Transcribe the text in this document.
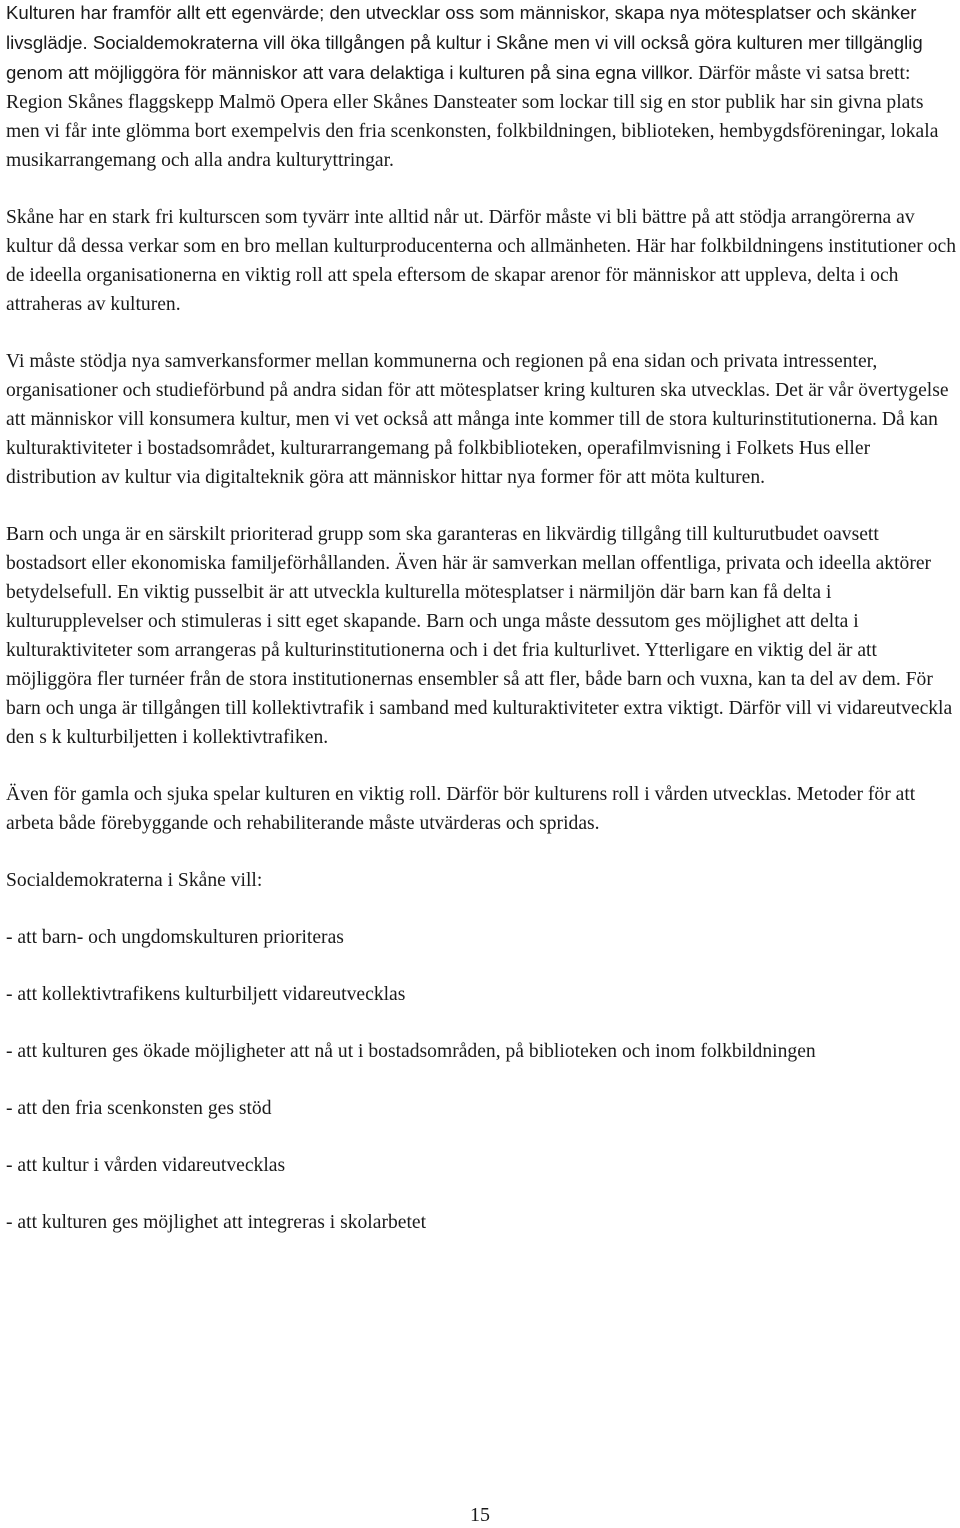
Kulturen har framför allt ett egenvärde; den utvecklar oss som människor, skapa nya mötesplatser och skänker livsglädje. Socialdemokraterna vill öka tillgången på kultur i Skåne men vi vill också göra kulturen mer tillgänglig genom att möjliggöra för människor att vara delaktiga i kulturen på sina egna villkor. Därför måste vi satsa brett: Region Skånes flaggskepp Malmö Opera eller Skånes Dansteater som lockar till sig en stor publik har sin givna plats men vi får inte glömma bort exempelvis den fria scenkonsten, folkbildningen, biblioteken, hembygdsföreningar, lokala musikarrangemang och alla andra kulturyttringar.

Skåne har en stark fri kulturscen som tyvärr inte alltid når ut. Därför måste vi bli bättre på att stödja arrangörerna av kultur då dessa verkar som en bro mellan kulturproducenterna och allmänheten. Här har folkbildningens institutioner och de ideella organisationerna en viktig roll att spela eftersom de skapar arenor för människor att uppleva, delta i och attraheras av kulturen.

Vi måste stödja nya samverkansformer mellan kommunerna och regionen på ena sidan och privata intressenter, organisationer och studieförbund på andra sidan för att mötesplatser kring kulturen ska utvecklas. Det är vår övertygelse att människor vill konsumera kultur, men vi vet också att många inte kommer till de stora kulturinstitutionerna. Då kan kulturaktiviteter i bostadsområdet, kulturarrangemang på folkbiblioteken, operafilmvisning i Folkets Hus eller distribution av kultur via digitalteknik göra att människor hittar nya former för att möta kulturen.

Barn och unga är en särskilt prioriterad grupp som ska garanteras en likvärdig tillgång till kulturutbudet oavsett bostadsort eller ekonomiska familjeförhållanden. Även här är samverkan mellan offentliga, privata och ideella aktörer betydelsefull. En viktig pusselbit är att utveckla kulturella mötesplatser i närmiljön där barn kan få delta i kulturupplevelser och stimuleras i sitt eget skapande. Barn och unga måste dessutom ges möjlighet att delta i kulturaktiviteter som arrangeras på kulturinstitutionerna och i det fria kulturlivet. Ytterligare en viktig del är att möjliggöra fler turnéer från de stora institutionernas ensembler så att fler, både barn och vuxna, kan ta del av dem. För barn och unga är tillgången till kollektivtrafik i samband med kulturaktiviteter extra viktigt. Därför vill vi vidareutveckla den s k kulturbiljetten i kollektivtrafiken.

Även för gamla och sjuka spelar kulturen en viktig roll. Därför bör kulturens roll i vården utvecklas. Metoder för att arbeta både förebyggande och rehabiliterande måste utvärderas och spridas.

Socialdemokraterna i Skåne vill:

- att barn- och ungdomskulturen prioriteras

- att kollektivtrafikens kulturbiljett vidareutvecklas

- att kulturen ges ökade möjligheter att nå ut i bostadsområden, på biblioteken och inom folkbildningen

- att den fria scenkonsten ges stöd

- att kultur i vården vidareutvecklas

- att kulturen ges möjlighet att integreras i skolarbetet

15
